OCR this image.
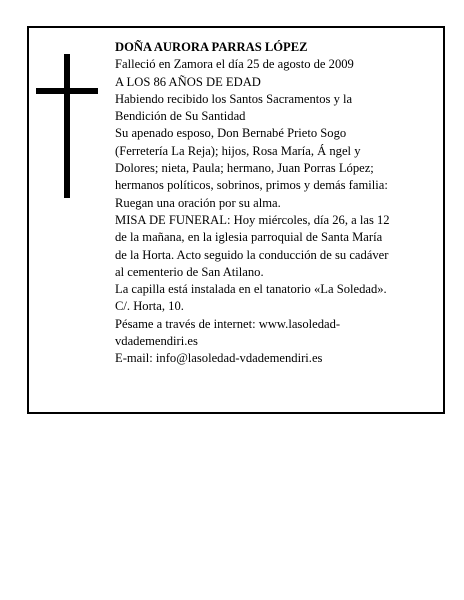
DOÑA AURORA PARRAS LÓPEZ

Falleció en Zamora el día 25 de agosto de 2009

A LOS 86 AÑOS DE EDAD

Habiendo recibido los Santos Sacramentos y la Bendición de Su Santidad

Su apenado esposo, Don Bernabé Prieto Sogo (Ferretería La Reja); hijos, Rosa María, Á ngel y Dolores; nieta, Paula; hermano, Juan Porras López; hermanos políticos, sobrinos, primos y demás familia:

Ruegan una oración por su alma.

MISA DE FUNERAL: Hoy miércoles, día 26, a las 12 de la mañana, en la iglesia parroquial de Santa María de la Horta. Acto seguido la conducción de su cadáver al cementerio de San Atilano.

La capilla está instalada en el tanatorio «La Soledad». C/. Horta, 10.

Pésame a través de internet: www.lasoledad-vdademendiri.es

E-mail: info@lasoledad-vdademendiri.es
